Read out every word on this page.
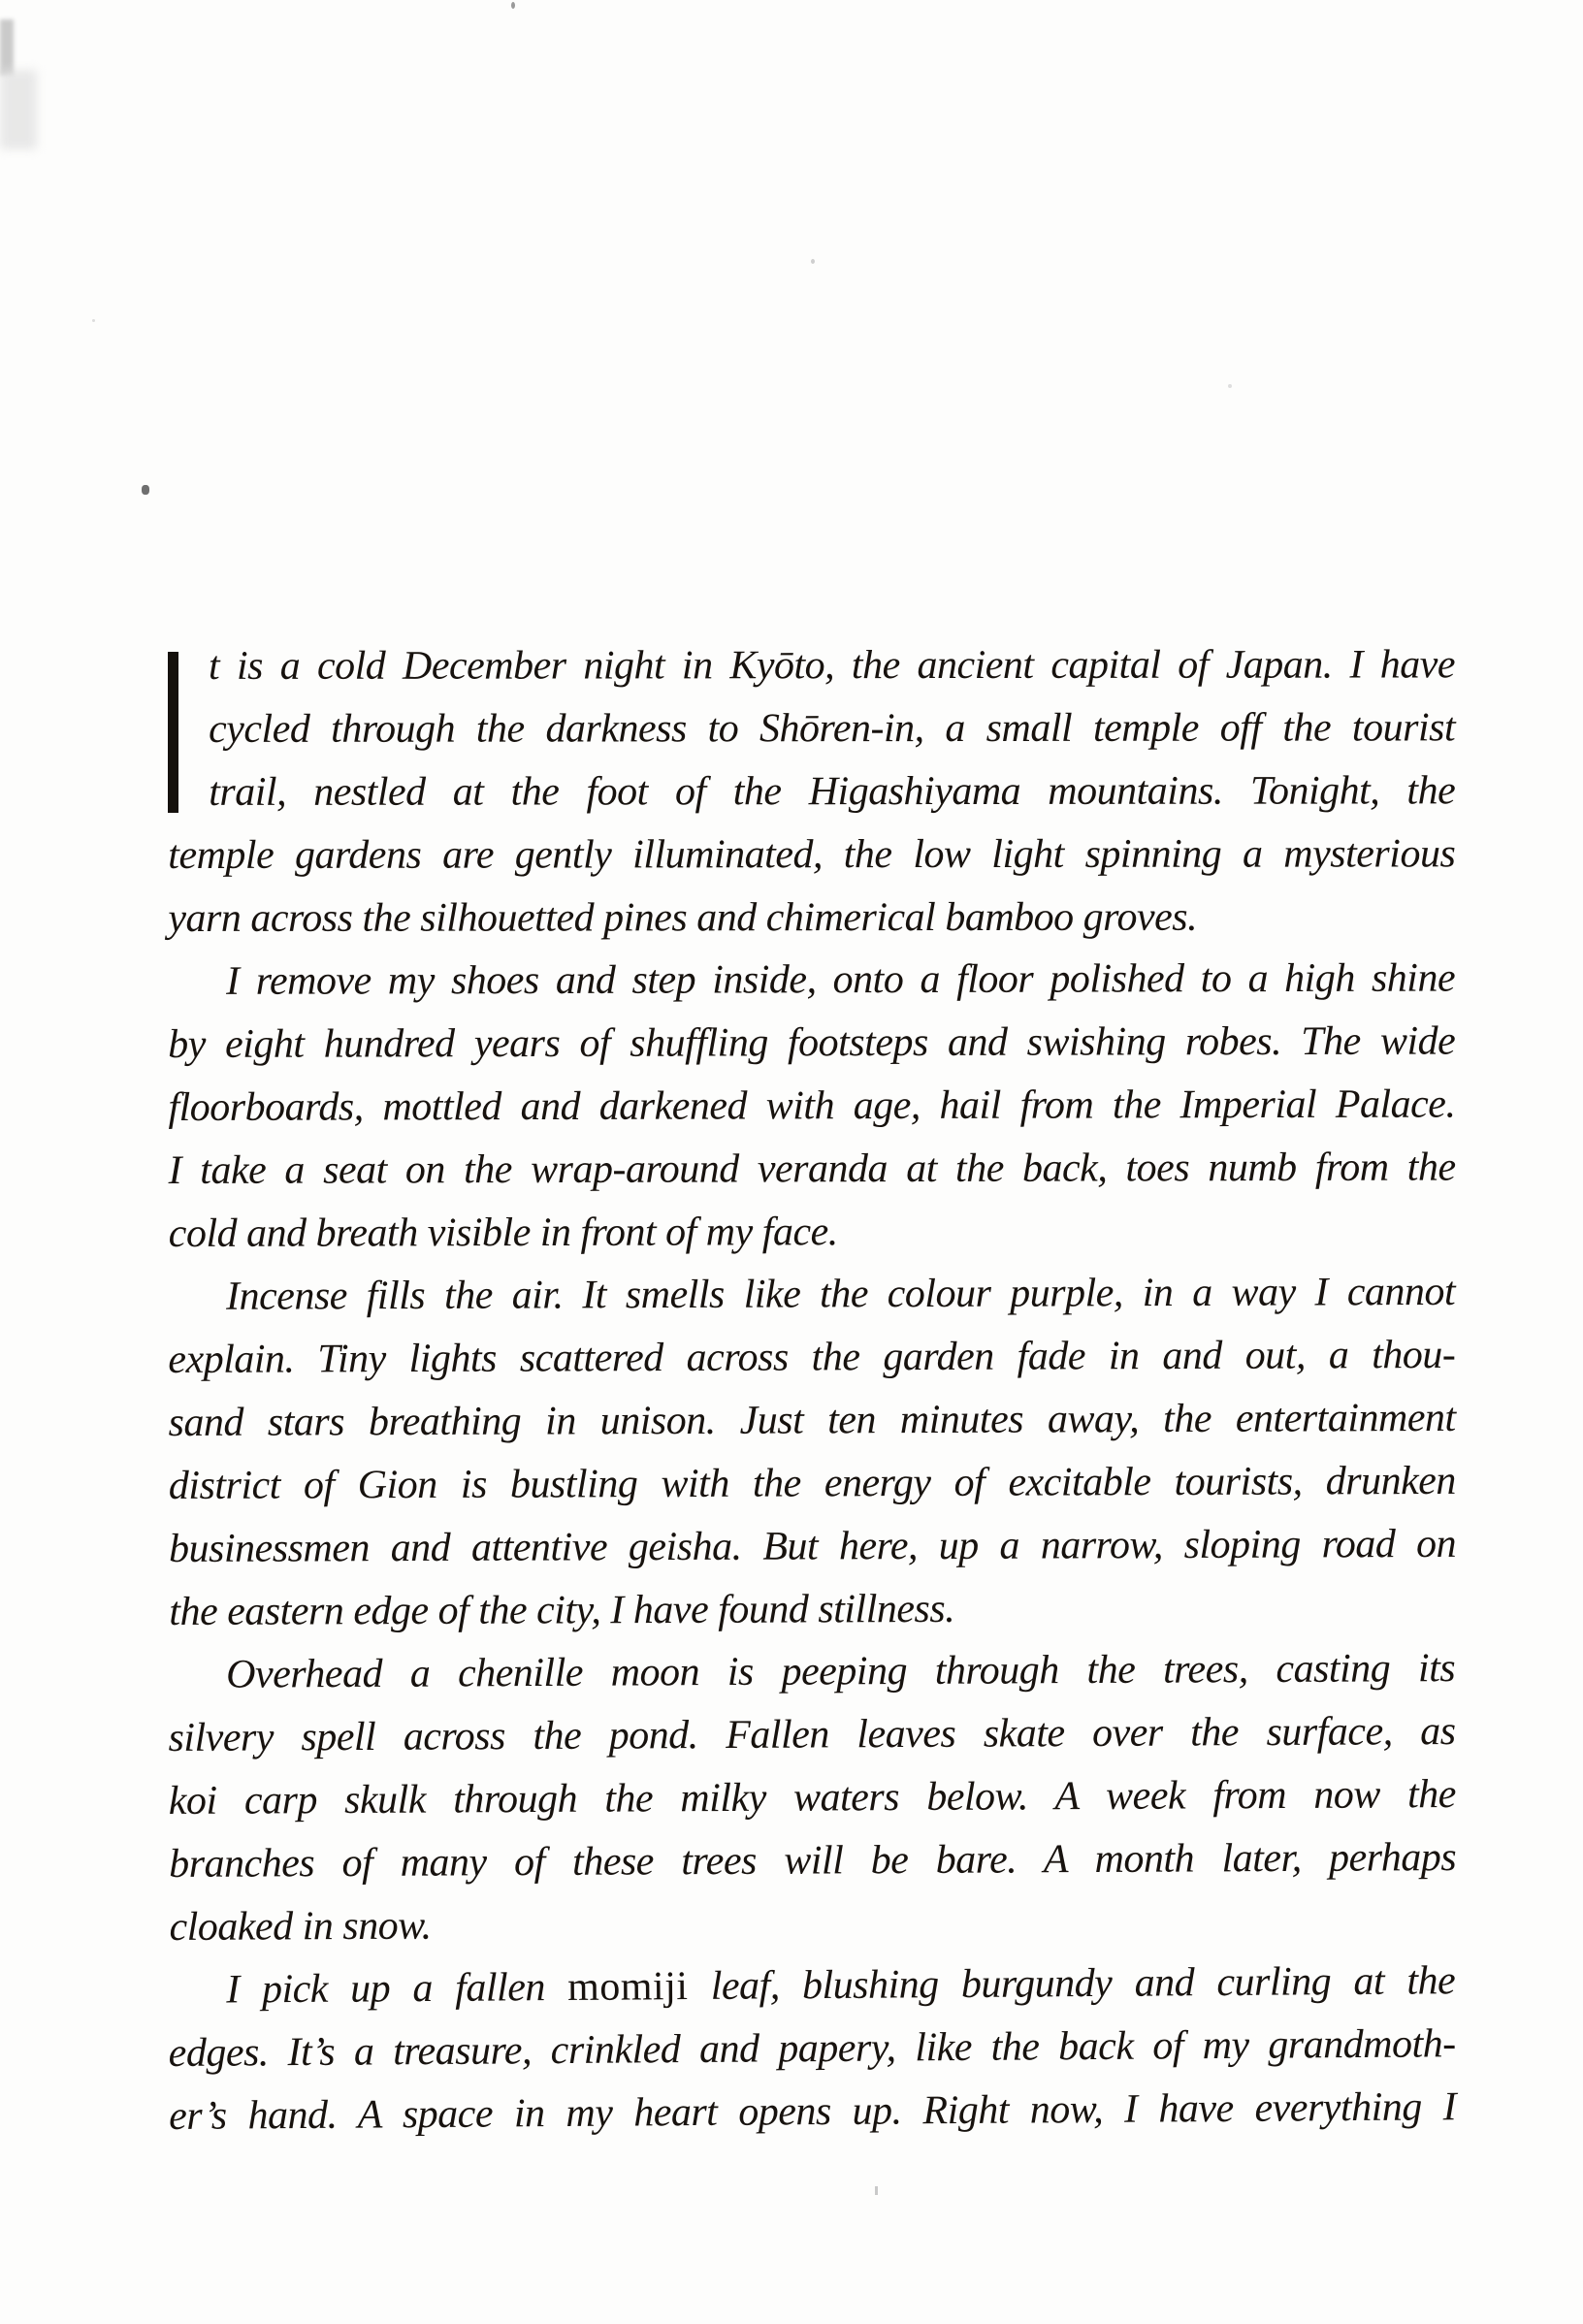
t is a cold December night in Kyōto, the ancient capital of Japan. I have
cycled through the darkness to Shōren-in, a small temple off the tourist
trail, nestled at the foot of the Higashiyama mountains. Tonight, the
temple gardens are gently illuminated, the low light spinning a mysterious
yarn across the silhouetted pines and chimerical bamboo groves.
I remove my shoes and step inside, onto a floor polished to a high shine
by eight hundred years of shuffling footsteps and swishing robes. The wide
floorboards, mottled and darkened with age, hail from the Imperial Palace.
I take a seat on the wrap-around veranda at the back, toes numb from the
cold and breath visible in front of my face.
Incense fills the air. It smells like the colour purple, in a way I cannot
explain. Tiny lights scattered across the garden fade in and out, a thou-
sand stars breathing in unison. Just ten minutes away, the entertainment
district of Gion is bustling with the energy of excitable tourists, drunken
businessmen and attentive geisha. But here, up a narrow, sloping road on
the eastern edge of the city, I have found stillness.
Overhead a chenille moon is peeping through the trees, casting its
silvery spell across the pond. Fallen leaves skate over the surface, as
koi carp skulk through the milky waters below. A week from now the
branches of many of these trees will be bare. A month later, perhaps
cloaked in snow.
I pick up a fallen momiji leaf, blushing burgundy and curling at the
edges. It’s a treasure, crinkled and papery, like the back of my grandmoth-
er’s hand. A space in my heart opens up. Right now, I have everything I
